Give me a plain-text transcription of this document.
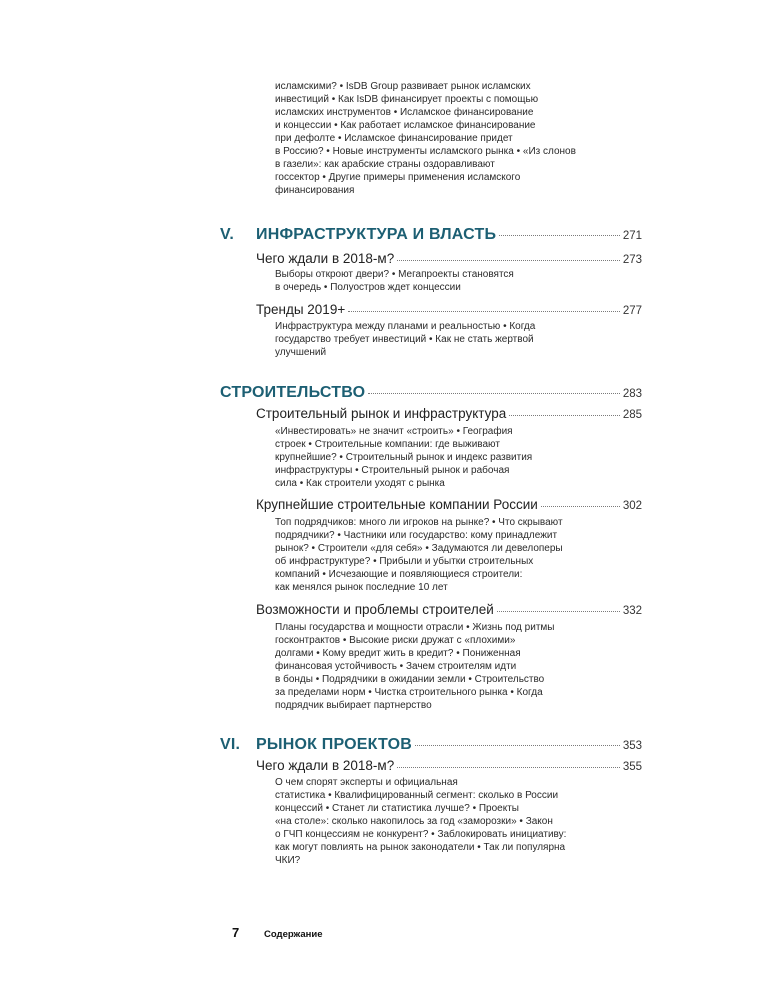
исламскими? • IsDB Group развивает рынок исламских
инвестиций • Как IsDB финансирует проекты с помощью
исламских инструментов • Исламское финансирование
и концессии • Как работает исламское финансирование
при дефолте • Исламское финансирование придет
в Россию? • Новые инструменты исламского рынка • «Из слонов
в газели»: как арабские страны оздоравливают
госсектор • Другие примеры применения исламского
финансирования
V.	ИНФРАСТРУКТУРА И ВЛАСТЬ	271
Чего ждали в 2018-м?	273
Выборы откроют двери? • Мегапроекты становятся
в очередь • Полуостров ждет концессии
Тренды 2019+	277
Инфраструктура между планами и реальностью • Когда
государство требует инвестиций • Как не стать жертвой
улучшений
СТРОИТЕЛЬСТВО	283
Строительный рынок и инфраструктура	285
«Инвестировать» не значит «строить» • География
строек • Строительные компании: где выживают
крупнейшие? • Строительный рынок и индекс развития
инфраструктуры • Строительный рынок и рабочая
сила • Как строители уходят с рынка
Крупнейшие строительные компании России	302
Топ подрядчиков: много ли игроков на рынке? • Что скрывают
подрядчики? • Частники или государство: кому принадлежит
рынок? • Строители «для себя» • Задумаются ли девелоперы
об инфраструктуре? • Прибыли и убытки строительных
компаний • Исчезающие и появляющиеся строители:
как менялся рынок последние 10 лет
Возможности и проблемы строителей	332
Планы государства и мощности отрасли • Жизнь под ритмы
госконтрактов • Высокие риски дружат с «плохими»
долгами • Кому вредит жить в кредит? • Пониженная
финансовая устойчивость • Зачем строителям идти
в бонды • Подрядчики в ожидании земли • Строительство
за пределами норм • Чистка строительного рынка • Когда
подрядчик выбирает партнерство
VI. РЫНОК ПРОЕКТОВ	353
Чего ждали в 2018-м?	355
О чем спорят эксперты и официальная
статистика • Квалифицированный сегмент: сколько в России
концессий • Станет ли статистика лучше? • Проекты
«на столе»: сколько накопилось за год «заморозки» • Закон
о ГЧП концессиям не конкурент? • Заблокировать инициативу:
как могут повлиять на рынок законодатели • Так ли популярна
ЧКИ?
7	Содержание
